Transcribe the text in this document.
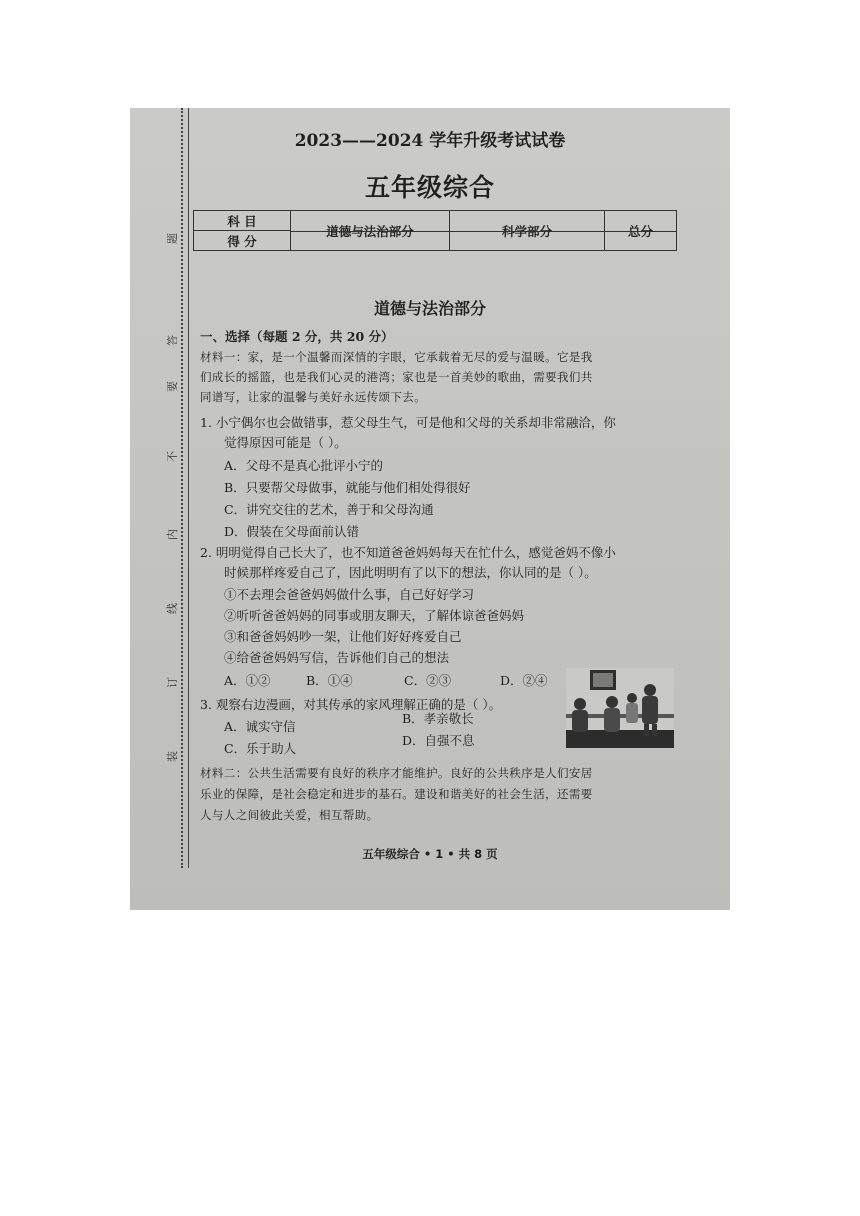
题
答
要
不
内
线
订
装
2023——2024 学年升级考试试卷
五年级综合
科 目	道德与法治部分	科学部分	总分
得 分
道德与法治部分
一、选择（每题 2 分，共 20 分）
材料一：家，是一个温馨而深情的字眼，它承载着无尽的爱与温暖。它是我
们成长的摇篮，也是我们心灵的港湾；家也是一首美妙的歌曲，需要我们共
同谱写，让家的温馨与美好永远传颂下去。
1. 小宁偶尔也会做错事，惹父母生气，可是他和父母的关系却非常融洽，你
觉得原因可能是（ ）。
A．父母不是真心批评小宁的
B．只要帮父母做事，就能与他们相处得很好
C．讲究交往的艺术，善于和父母沟通
D．假装在父母面前认错
2. 明明觉得自己长大了，也不知道爸爸妈妈每天在忙什么，感觉爸妈不像小
时候那样疼爱自己了，因此明明有了以下的想法，你认同的是（ ）。
①不去理会爸爸妈妈做什么事，自己好好学习
②听听爸爸妈妈的同事或朋友聊天，了解体谅爸爸妈妈
③和爸爸妈妈吵一架，让他们好好疼爱自己
④给爸爸妈妈写信，告诉他们自己的想法
A．①②	B．①④	C．②③	D．②④
3. 观察右边漫画，对其传承的家风理解正确的是（ ）。
A．诚实守信
B．孝亲敬长
C．乐于助人
D．自强不息
材料二：公共生活需要有良好的秩序才能维护。良好的公共秩序是人们安居
乐业的保障，是社会稳定和进步的基石。建设和谐美好的社会生活，还需要
人与人之间彼此关爱，相互帮助。
五年级综合 • 1 • 共 8 页
